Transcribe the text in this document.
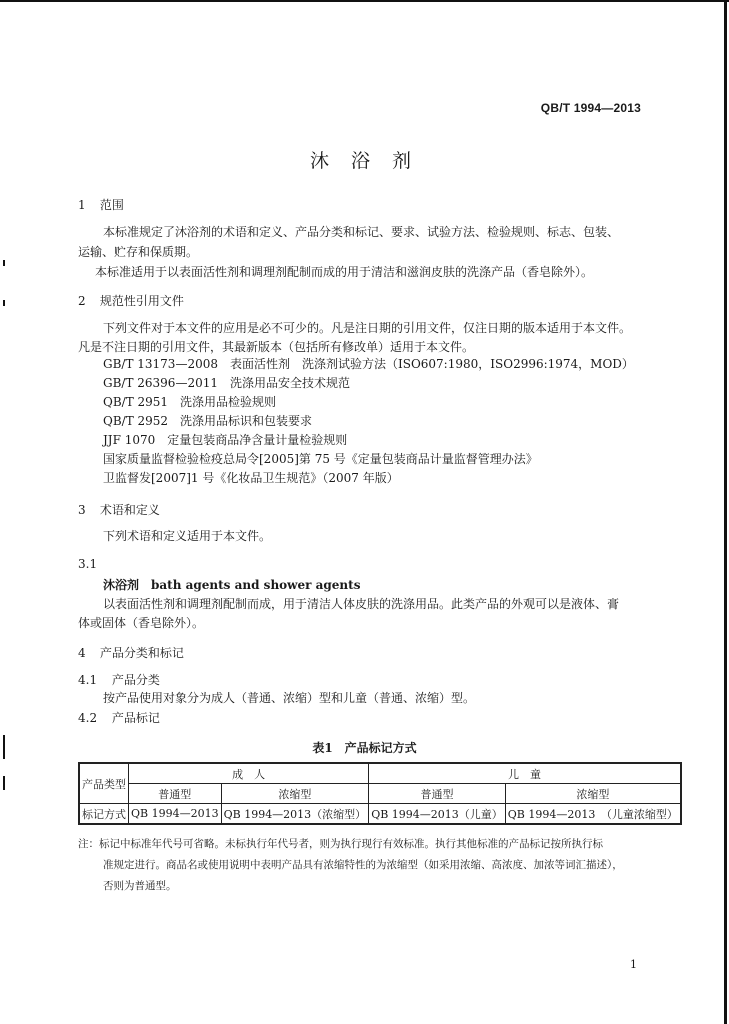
QB/T 1994—2013
沐 浴 剂
1 范围
本标准规定了沐浴剂的术语和定义、产品分类和标记、要求、试验方法、检验规则、标志、包装、
运输、贮存和保质期。
本标准适用于以表面活性剂和调理剂配制而成的用于清洁和滋润皮肤的洗涤产品（香皂除外）。
2 规范性引用文件
下列文件对于本文件的应用是必不可少的。凡是注日期的引用文件，仅注日期的版本适用于本文件。
凡是不注日期的引用文件，其最新版本（包括所有修改单）适用于本文件。
GB/T 13173—2008　表面活性剂　洗涤剂试验方法（ISO607:1980，ISO2996:1974，MOD）
GB/T 26396—2011　洗涤用品安全技术规范
QB/T 2951　洗涤用品检验规则
QB/T 2952　洗涤用品标识和包装要求
JJF 1070　定量包装商品净含量计量检验规则
国家质量监督检验检疫总局令[2005]第 75 号《定量包装商品计量监督管理办法》
卫监督发[2007]1 号《化妆品卫生规范》（2007 年版）
3 术语和定义
下列术语和定义适用于本文件。
3.1
沐浴剂　bath agents and shower agents
以表面活性剂和调理剂配制而成，用于清洁人体皮肤的洗涤用品。此类产品的外观可以是液体、膏
体或固体（香皂除外）。
4 产品分类和标记
4.1 产品分类
按产品使用对象分为成人（普通、浓缩）型和儿童（普通、浓缩）型。
4.2 产品标记
表1　产品标记方式
产品类型	成　人		儿　童	
	普通型	浓缩型	普通型	浓缩型
标记方式	QB 1994—2013	QB 1994—2013（浓缩型）	QB 1994—2013（儿童）	QB 1994—2013　（儿童浓缩型）
注：标记中标准年代号可省略。未标执行年代号者，则为执行现行有效标准。执行其他标准的产品标记按所执行标
准规定进行。商品名或使用说明中表明产品具有浓缩特性的为浓缩型（如采用浓缩、高浓度、加浓等词汇描述），
否则为普通型。
1
